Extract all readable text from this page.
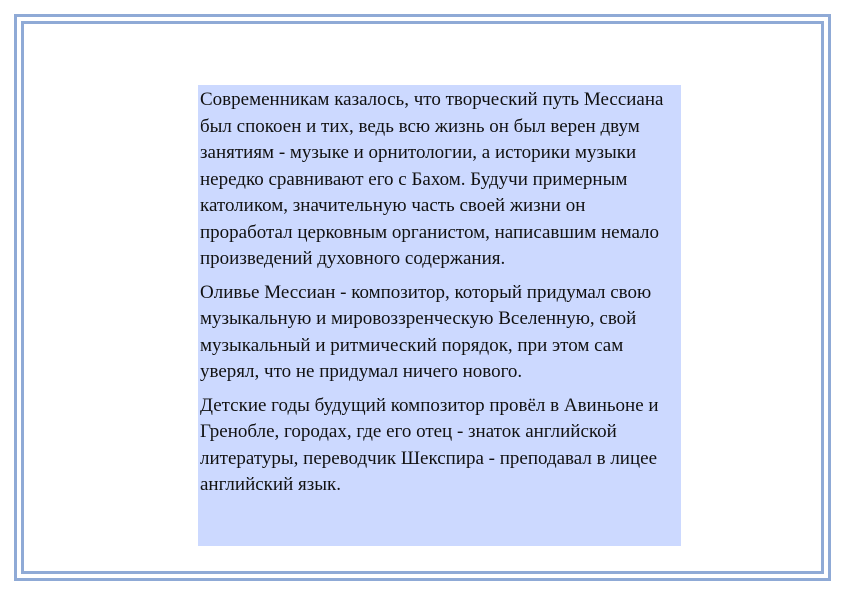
Современникам казалось, что творческий путь Мессиана был спокоен и тих, ведь всю жизнь он был верен двум занятиям - музыке и орнитологии, а историки музыки нередко сравнивают его с Бахом. Будучи примерным католиком, значительную часть своей жизни он проработал церковным органистом, написавшим немало произведений духовного содержания.

Оливье Мессиан - композитор, который придумал свою музыкальную и мировоззренческую Вселенную, свой музыкальный и ритмический порядок, при этом сам уверял, что не придумал ничего нового.

Детские годы будущий композитор провёл в Авиньоне и Гренобле, городах, где его отец - знаток английской литературы, переводчик Шекспира - преподавал в лицее английский язык.
